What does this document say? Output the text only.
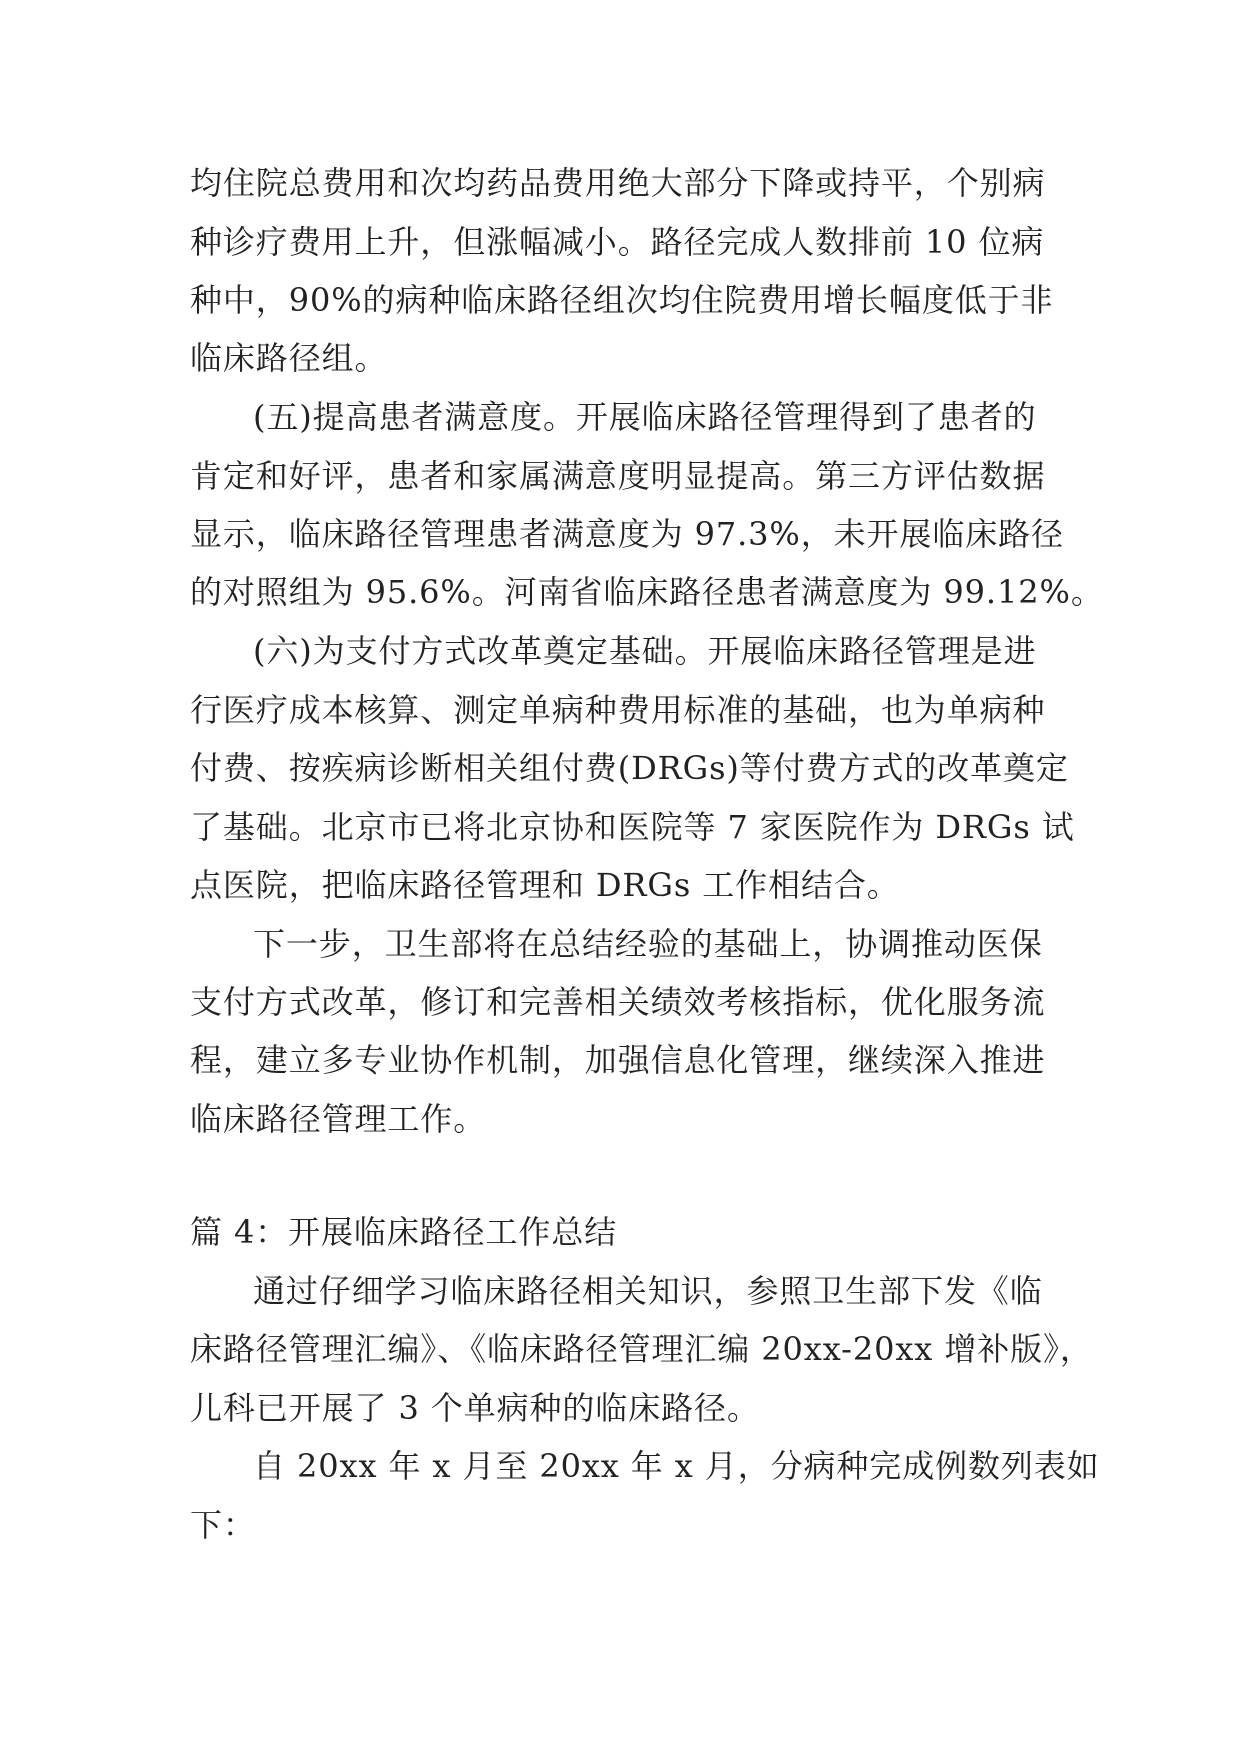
均住院总费用和次均药品费用绝大部分下降或持平，个别病
种诊疗费用上升，但涨幅减小。路径完成人数排前 10 位病
种中，90%的病种临床路径组次均住院费用增长幅度低于非
临床路径组。
(五)提高患者满意度。开展临床路径管理得到了患者的
肯定和好评，患者和家属满意度明显提高。第三方评估数据
显示，临床路径管理患者满意度为 97.3%，未开展临床路径
的对照组为 95.6%。河南省临床路径患者满意度为 99.12%。
(六)为支付方式改革奠定基础。开展临床路径管理是进
行医疗成本核算、测定单病种费用标准的基础，也为单病种
付费、按疾病诊断相关组付费(DRGs)等付费方式的改革奠定
了基础。北京市已将北京协和医院等 7 家医院作为 DRGs 试
点医院，把临床路径管理和 DRGs 工作相结合。
下一步，卫生部将在总结经验的基础上，协调推动医保
支付方式改革，修订和完善相关绩效考核指标，优化服务流
程，建立多专业协作机制，加强信息化管理，继续深入推进
临床路径管理工作。
篇 4：开展临床路径工作总结
通过仔细学习临床路径相关知识，参照卫生部下发《临
床路径管理汇编》、《临床路径管理汇编 20xx-20xx 增补版》，
儿科已开展了 3 个单病种的临床路径。
自 20xx 年 x 月至 20xx 年 x 月，分病种完成例数列表如
下：
